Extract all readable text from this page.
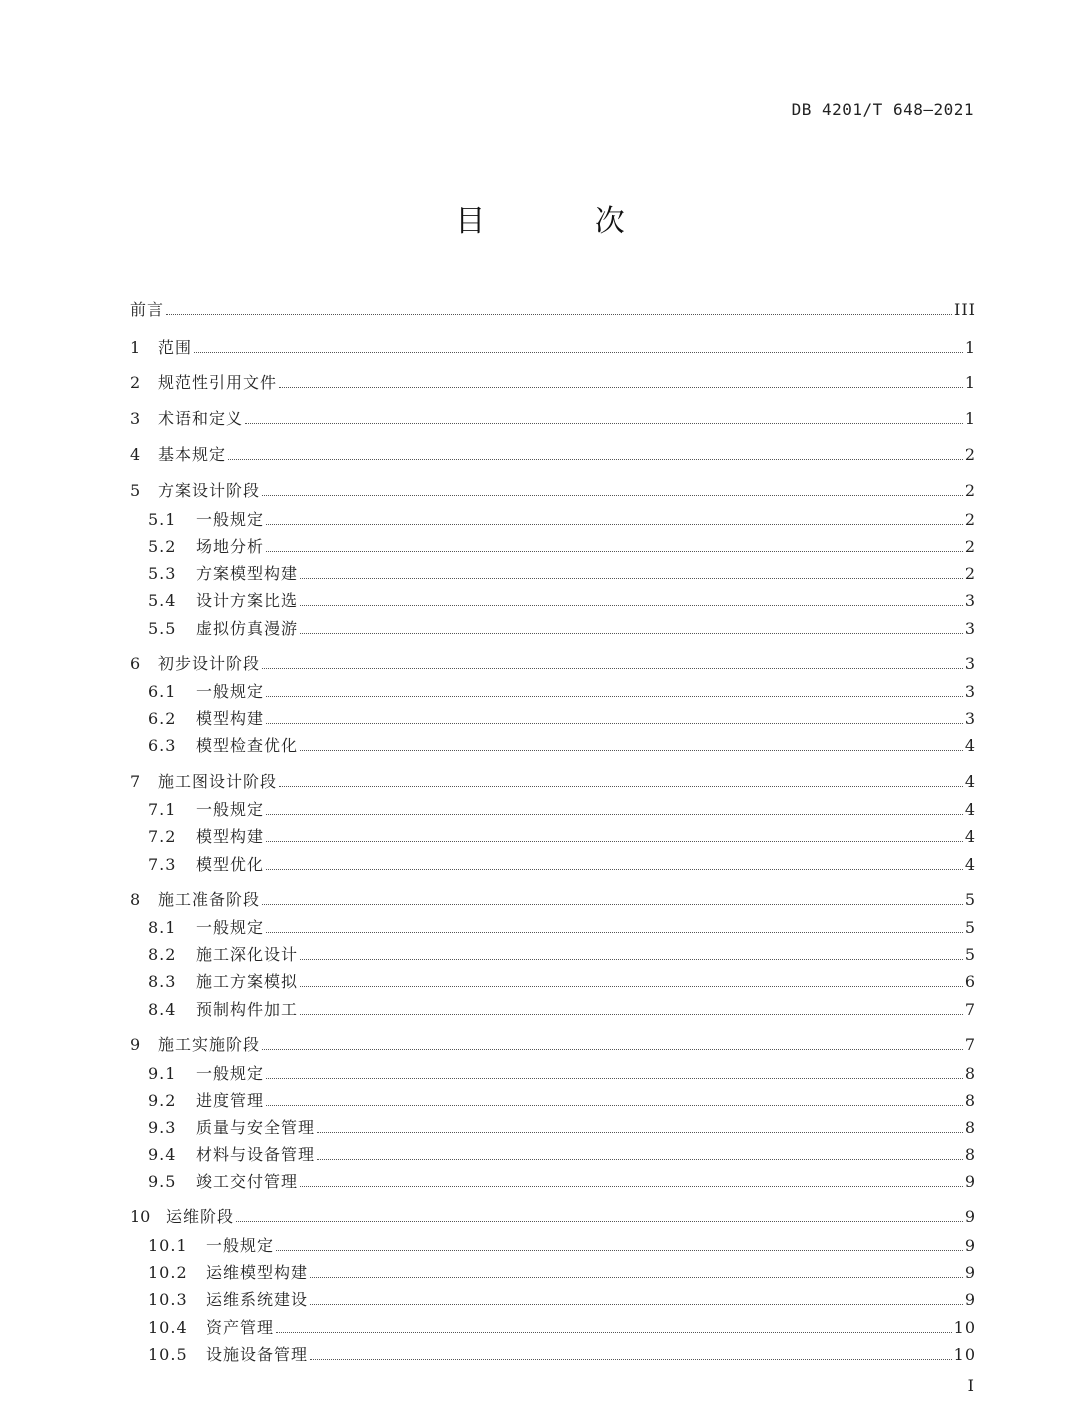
DB 4201/T 648—2021
目 次
前言	III
1	范围	1
2	规范性引用文件	1
3	术语和定义	1
4	基本规定	2
5	方案设计阶段	2
5.1	一般规定	2
5.2	场地分析	2
5.3	方案模型构建	2
5.4	设计方案比选	3
5.5	虚拟仿真漫游	3
6	初步设计阶段	3
6.1	一般规定	3
6.2	模型构建	3
6.3	模型检查优化	4
7	施工图设计阶段	4
7.1	一般规定	4
7.2	模型构建	4
7.3	模型优化	4
8	施工准备阶段	5
8.1	一般规定	5
8.2	施工深化设计	5
8.3	施工方案模拟	6
8.4	预制构件加工	7
9	施工实施阶段	7
9.1	一般规定	8
9.2	进度管理	8
9.3	质量与安全管理	8
9.4	材料与设备管理	8
9.5	竣工交付管理	9
10 运维阶段	9
10.1	一般规定	9
10.2	运维模型构建	9
10.3	运维系统建设	9
10.4	资产管理	10
10.5	设施设备管理	10
I
